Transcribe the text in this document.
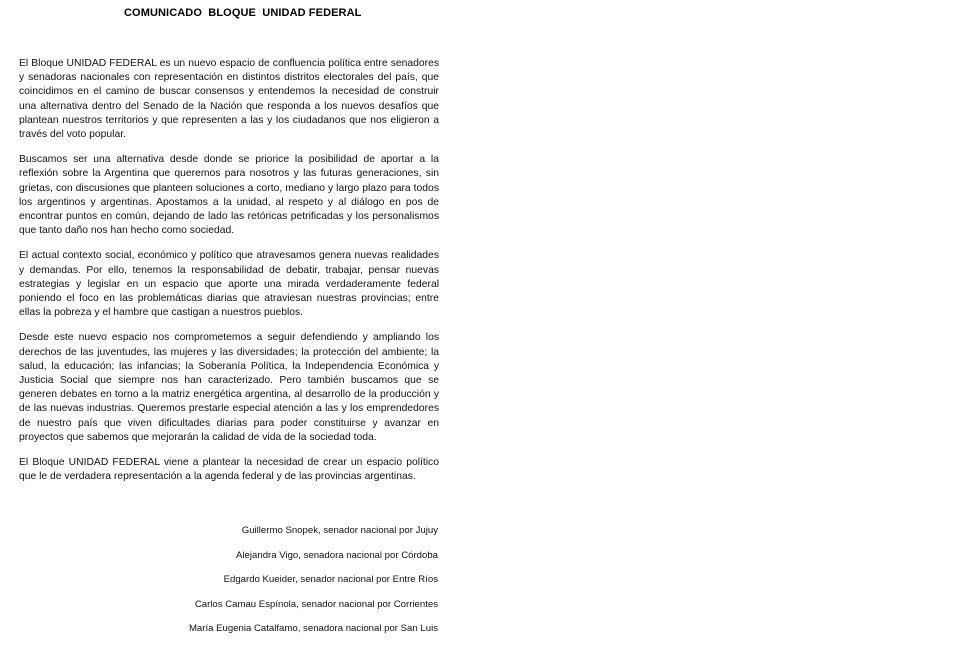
COMUNICADO  BLOQUE  UNIDAD FEDERAL

El Bloque UNIDAD FEDERAL es un nuevo espacio de confluencia política entre senadores y senadoras nacionales con representación en distintos distritos electorales del país, que coincidimos en el camino de buscar consensos y entendemos la necesidad de construir una alternativa dentro del Senado de la Nación que responda a los nuevos desafíos que plantean nuestros territorios y que representen a las y los ciudadanos que nos eligieron a través del voto popular.

Buscamos ser una alternativa desde donde se priorice la posibilidad de aportar a la reflexión sobre la Argentina que queremos para nosotros y las futuras generaciones, sin grietas, con discusiones que planteen soluciones a corto, mediano y largo plazo para todos los argentinos y argentinas. Apostamos a la unidad, al respeto y al diálogo en pos de encontrar puntos en común, dejando de lado las retóricas petrificadas y los personalismos que tanto daño nos han hecho como sociedad.

El actual contexto social, económico y político que atravesamos genera nuevas realidades y demandas. Por ello, tenemos la responsabilidad de debatir, trabajar, pensar nuevas estrategias y legislar en un espacio que aporte una mirada verdaderamente federal poniendo el foco en las problemáticas diarias que atraviesan nuestras provincias; entre ellas la pobreza y el hambre que castigan a nuestros pueblos.

Desde este nuevo espacio nos comprometemos a seguir defendiendo y ampliando los derechos de las juventudes, las mujeres y las diversidades; la protección del ambiente; la salud, la educación; las infancias; la Soberanía Política, la Independencia Económica y Justicia Social que siempre nos han caracterizado. Pero también buscamos que se generen debates en torno a la matriz energética argentina, al desarrollo de la producción y de las nuevas industrias. Queremos prestarle especial atención a las y los emprendedores de nuestro país que viven dificultades diarias para poder constituirse y avanzar en proyectos que sabemos que mejorarán la calidad de vida de la sociedad toda.

El Bloque UNIDAD FEDERAL viene a plantear la necesidad de crear un espacio político que le de verdadera representación a la agenda federal y de las provincias argentinas.

Guillermo Snopek, senador nacional por Jujuy
Alejandra Vigo, senadora nacional por Córdoba
Edgardo Kueider, senador nacional por Entre Ríos
Carlos Camau Espínola, senador nacional por Corrientes
María Eugenia Catalfamo, senadora nacional por San Luis
